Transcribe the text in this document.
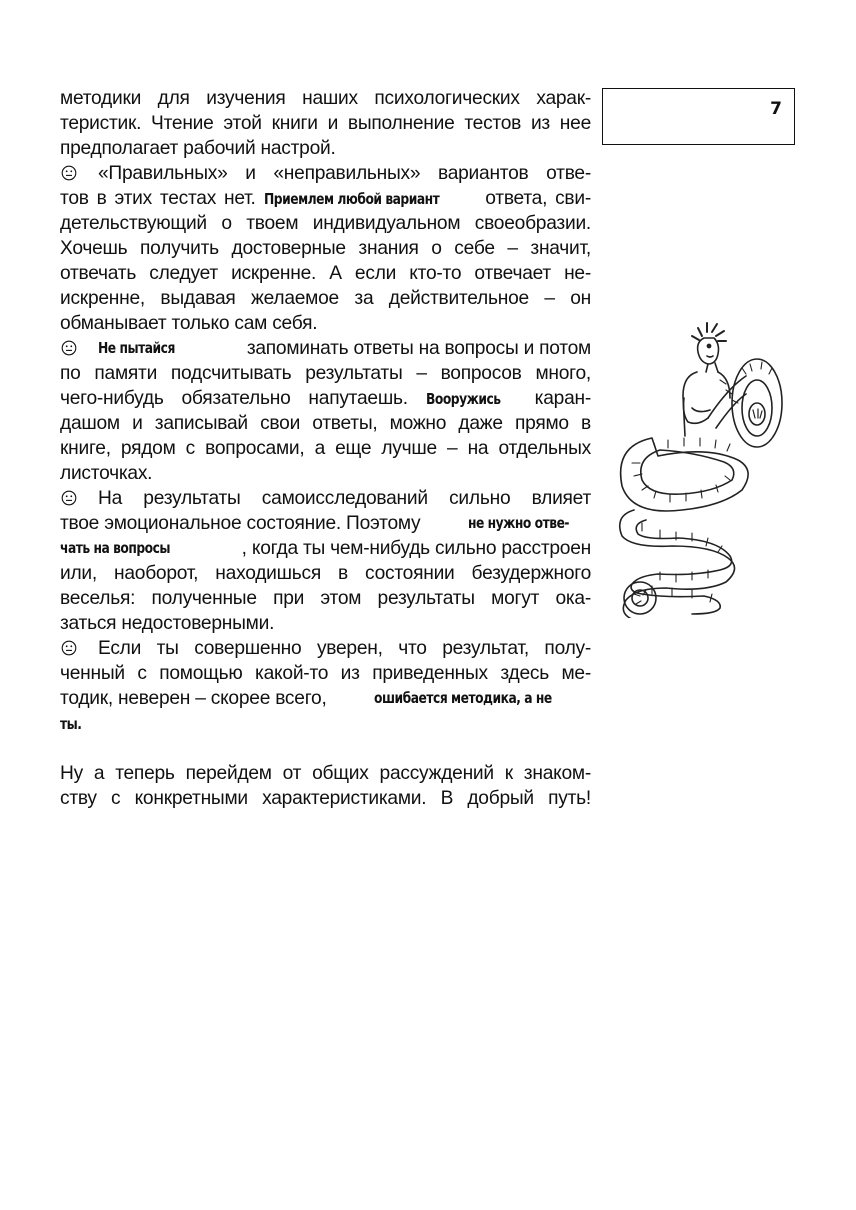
7
методики для изучения наших психологических харак-
теристик. Чтение этой книги и выполнение тестов из нее
предполагает рабочий настрой.
«Правильных» и «неправильных» вариантов отве-
тов в этих тестах нет. Приемлем любой вариант ответа, сви-
детельствующий о твоем индивидуальном своеобразии.
Хочешь получить достоверные знания о себе – значит,
отвечать следует искренне. А если кто-то отвечает не-
искренне, выдавая желаемое за действительное – он
обманывает только сам себя.
Не пытайся	запоминать ответы на вопросы и потом
по памяти подсчитывать результаты – вопросов много,
чего-нибудь обязательно напутаешь. Вооружись каран-
дашом и записывай свои ответы, можно даже прямо в
книге, рядом с вопросами, а еще лучше – на отдельных
листочках.
На результаты самоисследований сильно влияет
твое эмоциональное состояние. Поэтому	не нужно отве-
чать на вопросы	, когда ты чем-нибудь сильно расстроен
или, наоборот, находишься в состоянии безудержного
веселья: полученные при этом результаты могут ока-
заться недостоверными.
Если ты совершенно уверен, что результат, полу-
ченный с помощью какой-то из приведенных здесь ме-
тодик, неверен – скорее всего,	ошибается методика, а не
ты.
Ну а теперь перейдем от общих рассуждений к знаком-
ству с конкретными характеристиками. В добрый путь!
